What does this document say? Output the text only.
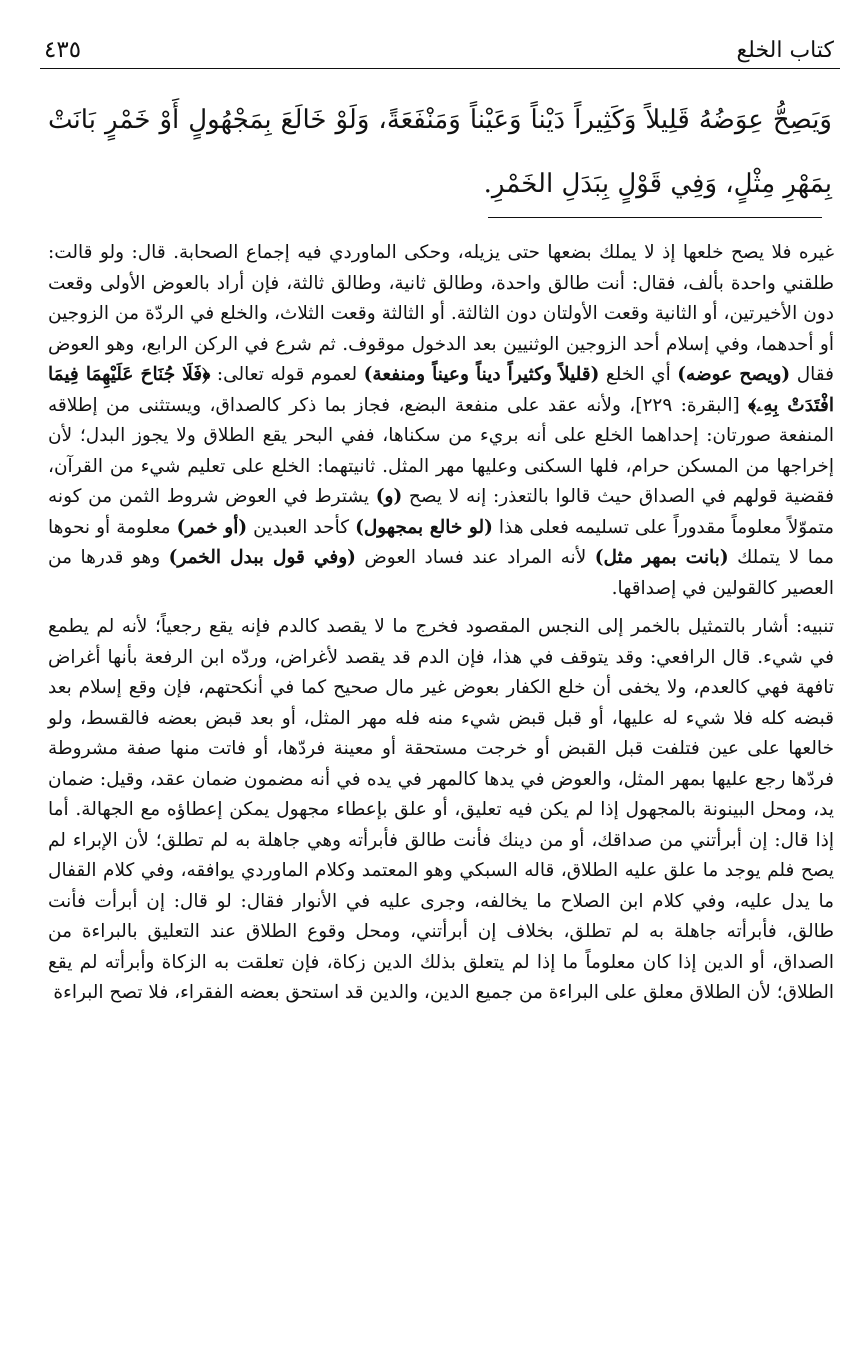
٤٣٥	كتاب الخلع
وَيَصِحُّ عِوَضُهُ قَلِيلاً وَكَثِيراً دَيْناً وَعَيْناً وَمَنْفَعَةً، وَلَوْ خَالَعَ بِمَجْهُولٍ أَوْ خَمْرٍ بَانَتْ بِمَهْرِ مِثْلٍ، وَفِي قَوْلٍ بِبَدَلِ الخَمْرِ.

غيره فلا يصح خلعها إذ لا يملك بضعها حتى يزيله، وحكى الماوردي فيه إجماع الصحابة. قال: ولو قالت: طلقني واحدة بألف، فقال: أنت طالق واحدة، وطالق ثانية، وطالق ثالثة، فإن أراد بالعوض الأولى وقعت دون الأخيرتين، أو الثانية وقعت الأولتان دون الثالثة. أو الثالثة وقعت الثلاث، والخلع في الردّة من الزوجين أو أحدهما، وفي إسلام أحد الزوجين الوثنيين بعد الدخول موقوف. ثم شرع في الركن الرابع، وهو العوض فقال (ويصح عوضه) أي الخلع (قليلاً وكثيراً ديناً وعيناً ومنفعة) لعموم قوله تعالى: ﴿فَلَا جُنَاحَ عَلَيْهِمَا فِيمَا افْتَدَتْ بِهِۦ﴾ [البقرة: ٢٢٩]، ولأنه عقد على منفعة البضع، فجاز بما ذكر كالصداق، ويستثنى من إطلاقه المنفعة صورتان: إحداهما الخلع على أنه بريء من سكناها، ففي البحر يقع الطلاق ولا يجوز البدل؛ لأن إخراجها من المسكن حرام، فلها السكنى وعليها مهر المثل. ثانيتهما: الخلع على تعليم شيء من القرآن، فقضية قولهم في الصداق حيث قالوا بالتعذر: إنه لا يصح (و) يشترط في العوض شروط الثمن من كونه متموّلاً معلوماً مقدوراً على تسليمه فعلى هذا (لو خالع بمجهول) كأحد العبدين (أو خمر) معلومة أو نحوها مما لا يتملك (بانت بمهر مثل) لأنه المراد عند فساد العوض (وفي قول ببدل الخمر) وهو قدرها من العصير كالقولين في إصداقها.

تنبيه: أشار بالتمثيل بالخمر إلى النجس المقصود فخرج ما لا يقصد كالدم فإنه يقع رجعياً؛ لأنه لم يطمع في شيء. قال الرافعي: وقد يتوقف في هذا، فإن الدم قد يقصد لأغراض، وردّه ابن الرفعة بأنها أغراض تافهة فهي كالعدم، ولا يخفى أن خلع الكفار بعوض غير مال صحيح كما في أنكحتهم، فإن وقع إسلام بعد قبضه كله فلا شيء له عليها، أو قبل قبض شيء منه فله مهر المثل، أو بعد قبض بعضه فالقسط، ولو خالعها على عين فتلفت قبل القبض أو خرجت مستحقة أو معينة فردّها، أو فاتت منها صفة مشروطة فردّها رجع عليها بمهر المثل، والعوض في يدها كالمهر في يده في أنه مضمون ضمان عقد، وقيل: ضمان يد، ومحل البينونة بالمجهول إذا لم يكن فيه تعليق، أو علق بإعطاء مجهول يمكن إعطاؤه مع الجهالة. أما إذا قال: إن أبرأتني من صداقك، أو من دينك فأنت طالق فأبرأته وهي جاهلة به لم تطلق؛ لأن الإبراء لم يصح فلم يوجد ما علق عليه الطلاق، قاله السبكي وهو المعتمد وكلام الماوردي يوافقه، وفي كلام القفال ما يدل عليه، وفي كلام ابن الصلاح ما يخالفه، وجرى عليه في الأنوار فقال: لو قال: إن أبرأت فأنت طالق، فأبرأته جاهلة به لم تطلق، بخلاف إن أبرأتني، ومحل وقوع الطلاق عند التعليق بالبراءة من الصداق، أو الدين إذا كان معلوماً ما إذا لم يتعلق بذلك الدين زكاة، فإن تعلقت به الزكاة وأبرأته لم يقع الطلاق؛ لأن الطلاق معلق على البراءة من جميع الدين، والدين قد استحق بعضه الفقراء، فلا تصح البراءة
